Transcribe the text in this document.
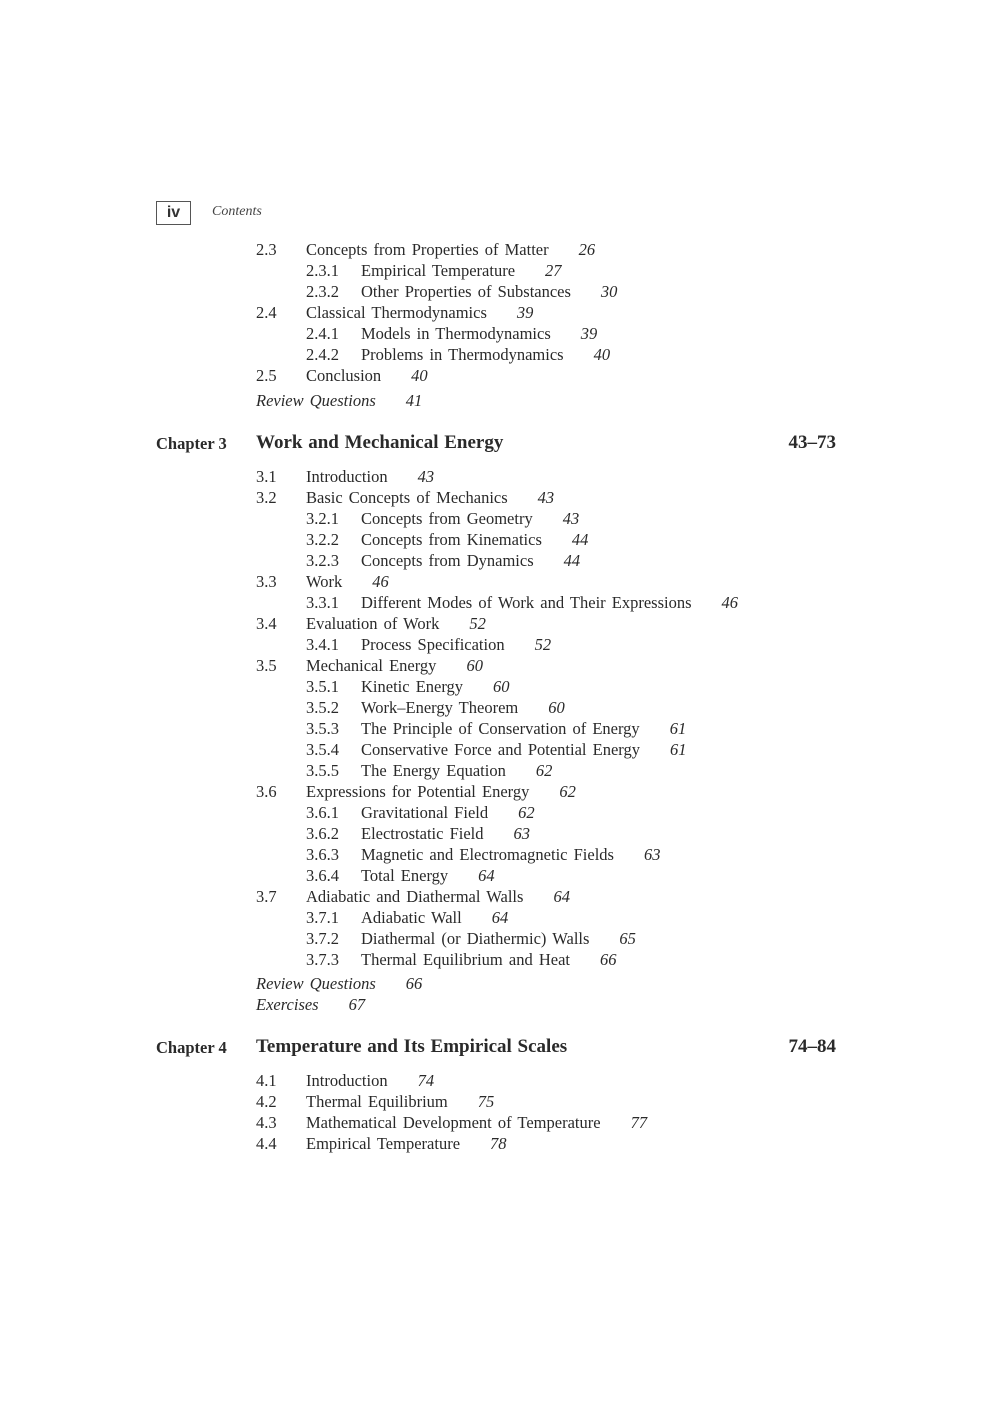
iv Contents
Chapter 3 Work and Mechanical Energy	43–73
Chapter 4 Temperature and Its Empirical Scales	74–84
2.3 Concepts from Properties of Matter 26
2.3.1 Empirical Temperature 27
2.3.2 Other Properties of Substances 30
2.4 Classical Thermodynamics 39
2.4.1 Models in Thermodynamics 39
2.4.2 Problems in Thermodynamics 40
2.5 Conclusion 40
Review Questions 41
3.1 Introduction 43
3.2 Basic Concepts of Mechanics 43
3.2.1 Concepts from Geometry 43
3.2.2 Concepts from Kinematics 44
3.2.3 Concepts from Dynamics 44
3.3 Work 46
3.3.1 Different Modes of Work and Their Expressions 46
3.4 Evaluation of Work 52
3.4.1 Process Specification 52
3.5 Mechanical Energy 60
3.5.1 Kinetic Energy 60
3.5.2 Work–Energy Theorem 60
3.5.3 The Principle of Conservation of Energy 61
3.5.4 Conservative Force and Potential Energy 61
3.5.5 The Energy Equation 62
3.6 Expressions for Potential Energy 62
3.6.1 Gravitational Field 62
3.6.2 Electrostatic Field 63
3.6.3 Magnetic and Electromagnetic Fields 63
3.6.4 Total Energy 64
3.7 Adiabatic and Diathermal Walls 64
3.7.1 Adiabatic Wall 64
3.7.2 Diathermal (or Diathermic) Walls 65
3.7.3 Thermal Equilibrium and Heat 66
Review Questions 66
Exercises 67
4.1 Introduction 74
4.2 Thermal Equilibrium 75
4.3 Mathematical Development of Temperature 77
4.4 Empirical Temperature 78
